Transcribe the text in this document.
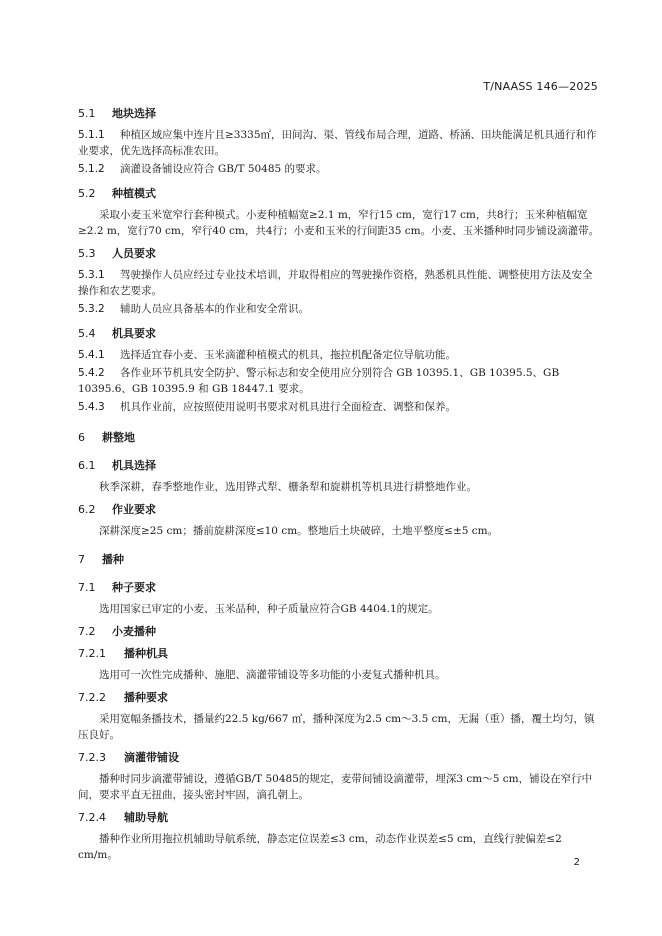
T/NAASS 146—2025
5.1 地块选择
5.1.1 种植区域应集中连片且≥3335㎡，田间沟、渠、管线布局合理，道路、桥涵、田块能满足机具通行和作业要求，优先选择高标准农田。
5.1.2 滴灌设备铺设应符合 GB/T 50485 的要求。
5.2 种植模式
采取小麦玉米宽窄行套种模式。小麦种植幅宽≥2.1 m，窄行15 cm，宽行17 cm，共8行；玉米种植幅宽≥2.2 m，宽行70 cm，窄行40 cm，共4行；小麦和玉米的行间距35 cm。小麦、玉米播种时同步铺设滴灌带。
5.3 人员要求
5.3.1 驾驶操作人员应经过专业技术培训，并取得相应的驾驶操作资格，熟悉机具性能、调整使用方法及安全操作和农艺要求。
5.3.2 辅助人员应具备基本的作业和安全常识。
5.4 机具要求
5.4.1 选择适宜春小麦、玉米滴灌种植模式的机具，拖拉机配备定位导航功能。
5.4.2 各作业环节机具安全防护、警示标志和安全使用应分别符合 GB 10395.1、GB 10395.5、GB 10395.6、GB 10395.9 和 GB 18447.1 要求。
5.4.3 机具作业前，应按照使用说明书要求对机具进行全面检查、调整和保养。
6 耕整地
6.1 机具选择
秋季深耕，春季整地作业，选用铧式犁、栅条犁和旋耕机等机具进行耕整地作业。
6.2 作业要求
深耕深度≥25 cm；播前旋耕深度≤10 cm。整地后土块破碎，土地平整度≤±5 cm。
7 播种
7.1 种子要求
选用国家已审定的小麦、玉米品种，种子质量应符合GB 4404.1的规定。
7.2 小麦播种
7.2.1 播种机具
选用可一次性完成播种、施肥、滴灌带铺设等多功能的小麦复式播种机具。
7.2.2 播种要求
采用宽幅条播技术，播量约22.5 kg/667 ㎡，播种深度为2.5 cm～3.5 cm，无漏（重）播，覆土均匀，镇压良好。
7.2.3 滴灌带铺设
播种时同步滴灌带铺设，遵循GB/T 50485的规定，麦带间铺设滴灌带，埋深3 cm～5 cm，铺设在窄行中间，要求平直无扭曲，接头密封牢固，滴孔朝上。
7.2.4 辅助导航
播种作业所用拖拉机辅助导航系统，静态定位误差≤3 cm，动态作业误差≤5 cm，直线行驶偏差≤2 cm/m。
2
